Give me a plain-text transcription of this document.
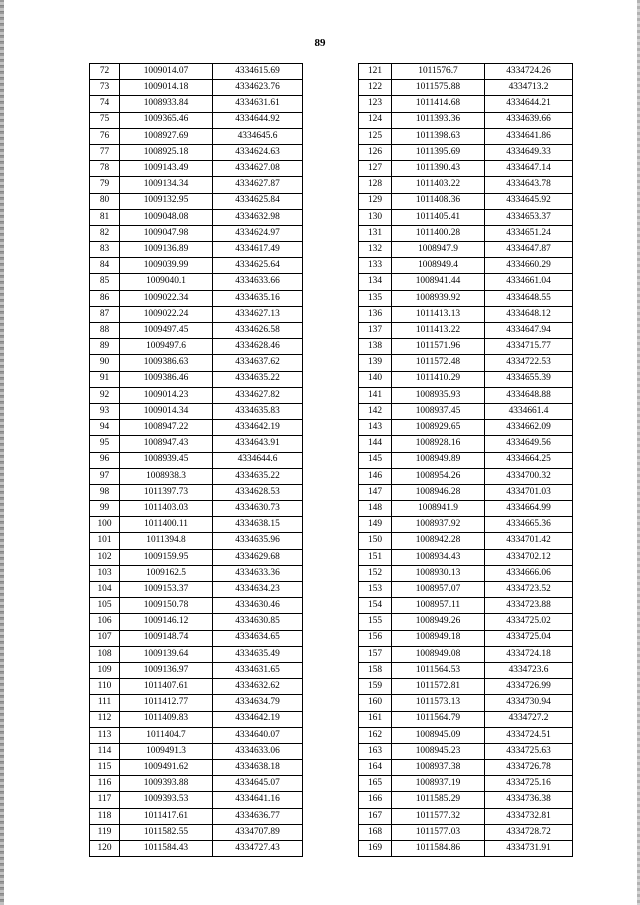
89
72	1009014.07	4334615.69
73	1009014.18	4334623.76
74	1008933.84	4334631.61
75	1009365.46	4334644.92
76	1008927.69	4334645.6
77	1008925.18	4334624.63
78	1009143.49	4334627.08
79	1009134.34	4334627.87
80	1009132.95	4334625.84
81	1009048.08	4334632.98
82	1009047.98	4334624.97
83	1009136.89	4334617.49
84	1009039.99	4334625.64
85	1009040.1	4334633.66
86	1009022.34	4334635.16
87	1009022.24	4334627.13
88	1009497.45	4334626.58
89	1009497.6	4334628.46
90	1009386.63	4334637.62
91	1009386.46	4334635.22
92	1009014.23	4334627.82
93	1009014.34	4334635.83
94	1008947.22	4334642.19
95	1008947.43	4334643.91
96	1008939.45	4334644.6
97	1008938.3	4334635.22
98	1011397.73	4334628.53
99	1011403.03	4334630.73
100	1011400.11	4334638.15
101	1011394.8	4334635.96
102	1009159.95	4334629.68
103	1009162.5	4334633.36
104	1009153.37	4334634.23
105	1009150.78	4334630.46
106	1009146.12	4334630.85
107	1009148.74	4334634.65
108	1009139.64	4334635.49
109	1009136.97	4334631.65
110	1011407.61	4334632.62
111	1011412.77	4334634.79
112	1011409.83	4334642.19
113	1011404.7	4334640.07
114	1009491.3	4334633.06
115	1009491.62	4334638.18
116	1009393.88	4334645.07
117	1009393.53	4334641.16
118	1011417.61	4334636.77
119	1011582.55	4334707.89
120	1011584.43	4334727.43
121	1011576.7	4334724.26
122	1011575.88	4334713.2
123	1011414.68	4334644.21
124	1011393.36	4334639.66
125	1011398.63	4334641.86
126	1011395.69	4334649.33
127	1011390.43	4334647.14
128	1011403.22	4334643.78
129	1011408.36	4334645.92
130	1011405.41	4334653.37
131	1011400.28	4334651.24
132	1008947.9	4334647.87
133	1008949.4	4334660.29
134	1008941.44	4334661.04
135	1008939.92	4334648.55
136	1011413.13	4334648.12
137	1011413.22	4334647.94
138	1011571.96	4334715.77
139	1011572.48	4334722.53
140	1011410.29	4334655.39
141	1008935.93	4334648.88
142	1008937.45	4334661.4
143	1008929.65	4334662.09
144	1008928.16	4334649.56
145	1008949.89	4334664.25
146	1008954.26	4334700.32
147	1008946.28	4334701.03
148	1008941.9	4334664.99
149	1008937.92	4334665.36
150	1008942.28	4334701.42
151	1008934.43	4334702.12
152	1008930.13	4334666.06
153	1008957.07	4334723.52
154	1008957.11	4334723.88
155	1008949.26	4334725.02
156	1008949.18	4334725.04
157	1008949.08	4334724.18
158	1011564.53	4334723.6
159	1011572.81	4334726.99
160	1011573.13	4334730.94
161	1011564.79	4334727.2
162	1008945.09	4334724.51
163	1008945.23	4334725.63
164	1008937.38	4334726.78
165	1008937.19	4334725.16
166	1011585.29	4334736.38
167	1011577.32	4334732.81
168	1011577.03	4334728.72
169	1011584.86	4334731.91
